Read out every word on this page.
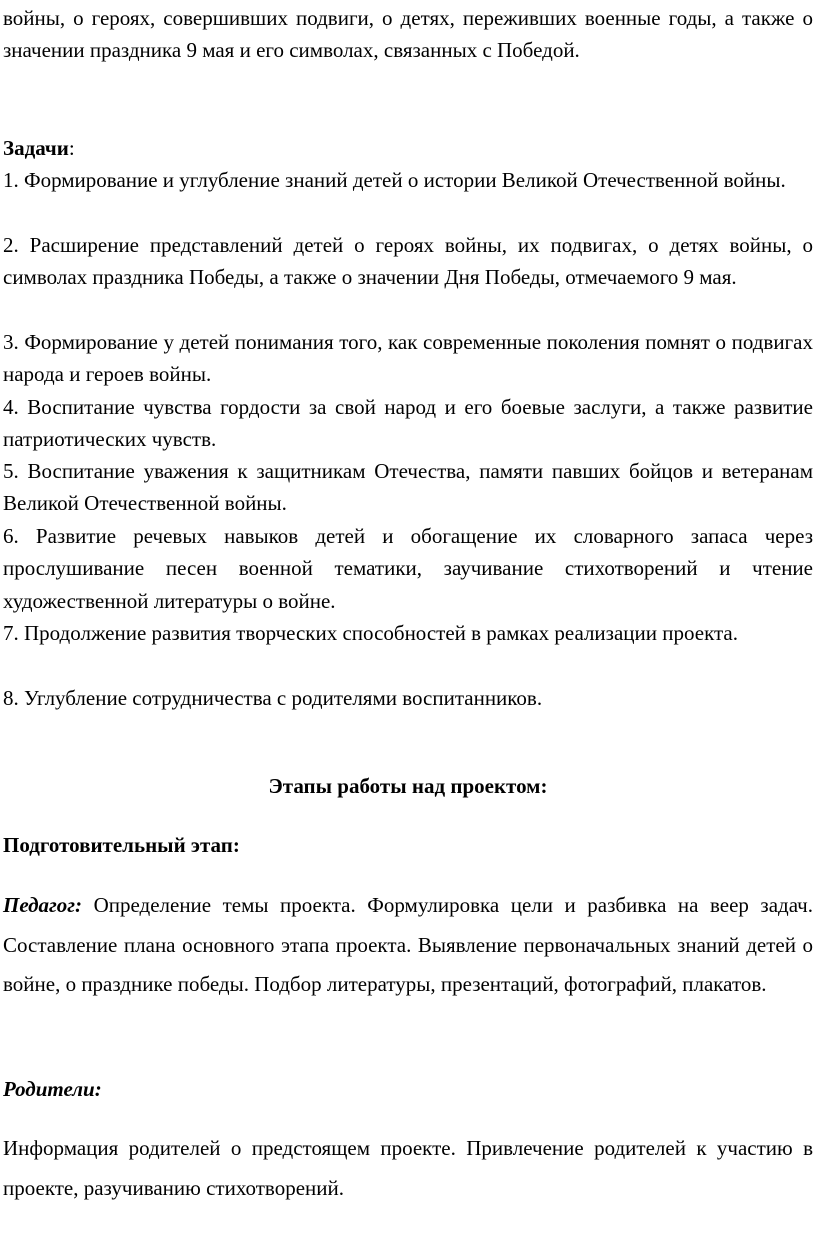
войны, о героях, совершивших подвиги, о детях, переживших военные годы, а также о значении праздника 9 мая и его символах, связанных с Победой.

Задачи:

1. Формирование и углубление знаний детей о истории Великой Отечественной войны.

2. Расширение представлений детей о героях войны, их подвигах, о детях войны, о символах праздника Победы, а также о значении Дня Победы, отмечаемого 9 мая.

3. Формирование у детей понимания того, как современные поколения помнят о подвигах народа и героев войны.

4. Воспитание чувства гордости за свой народ и его боевые заслуги, а также развитие патриотических чувств.

5. Воспитание уважения к защитникам Отечества, памяти павших бойцов и ветеранам Великой Отечественной войны.

6. Развитие речевых навыков детей и обогащение их словарного запаса через прослушивание песен военной тематики, заучивание стихотворений и чтение художественной литературы о войне.

7. Продолжение развития творческих способностей в рамках реализации проекта.

8. Углубление сотрудничества с родителями воспитанников.

Этапы работы над проектом:

Подготовительный этап:

Педагог: Определение темы проекта. Формулировка цели и разбивка на веер задач. Составление плана основного этапа проекта. Выявление первоначальных знаний детей о войне, о празднике победы. Подбор литературы, презентаций, фотографий, плакатов.

Родители:

Информация родителей о предстоящем проекте. Привлечение родителей к участию в проекте, разучиванию стихотворений.
